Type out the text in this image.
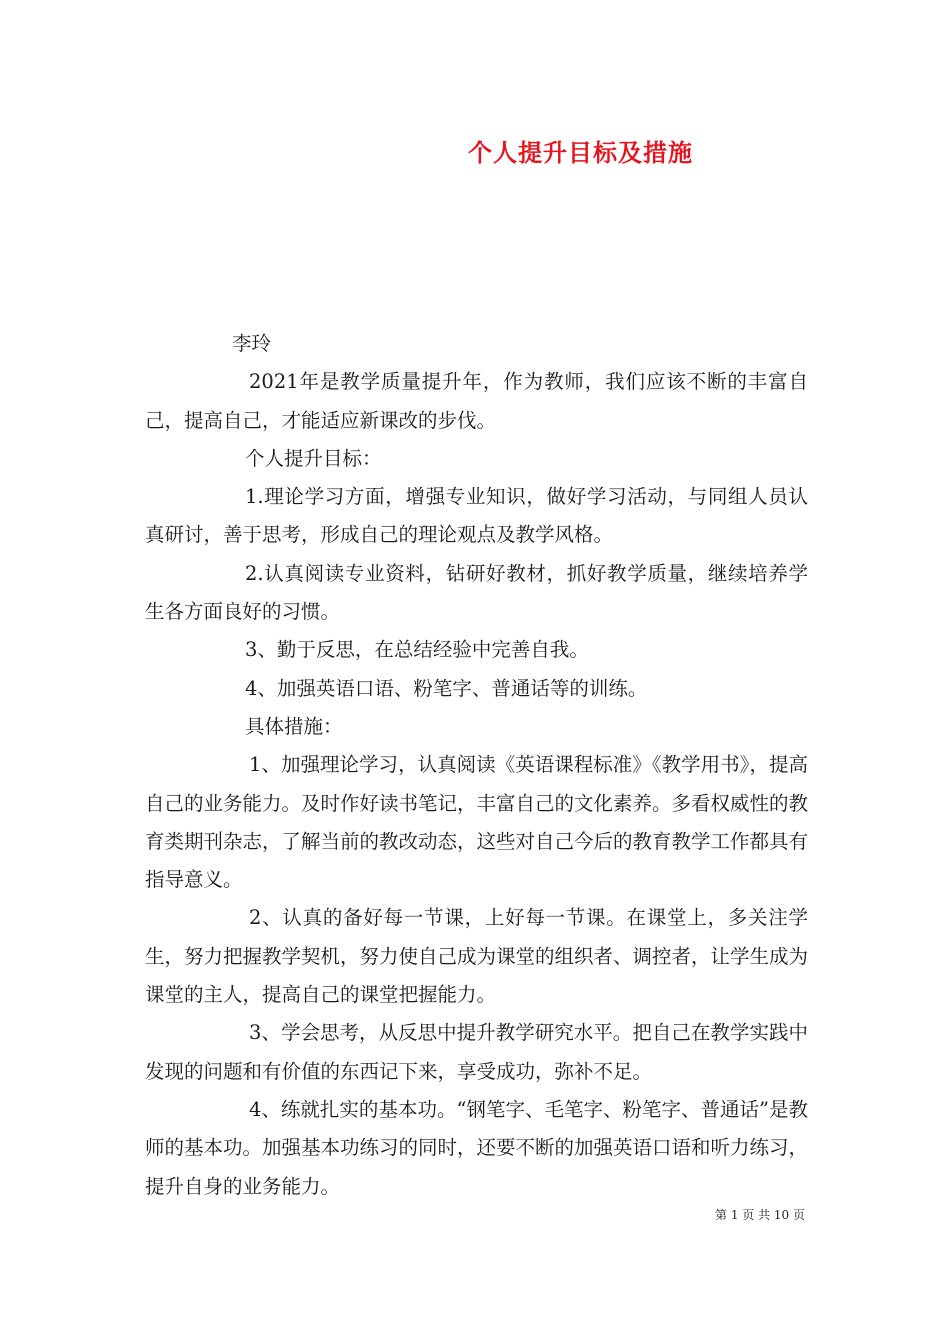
个人提升目标及措施

李玲

2021年是教学质量提升年，作为教师，我们应该不断的丰富自己，提高自己，才能适应新课改的步伐。

个人提升目标：

1.理论学习方面，增强专业知识，做好学习活动，与同组人员认真研讨，善于思考，形成自己的理论观点及教学风格。

2.认真阅读专业资料，钻研好教材，抓好教学质量，继续培养学生各方面良好的习惯。

3、勤于反思，在总结经验中完善自我。

4、加强英语口语、粉笔字、普通话等的训练。

具体措施：

1、加强理论学习，认真阅读《英语课程标准》《教学用书》，提高自己的业务能力。及时作好读书笔记，丰富自己的文化素养。多看权威性的教育类期刊杂志，了解当前的教改动态，这些对自己今后的教育教学工作都具有指导意义。

2、认真的备好每一节课，上好每一节课。在课堂上，多关注学生，努力把握教学契机，努力使自己成为课堂的组织者、调控者，让学生成为课堂的主人，提高自己的课堂把握能力。

3、学会思考，从反思中提升教学研究水平。把自己在教学实践中发现的问题和有价值的东西记下来，享受成功，弥补不足。

4、练就扎实的基本功。“钢笔字、毛笔字、粉笔字、普通话”是教师的基本功。加强基本功练习的同时，还要不断的加强英语口语和听力练习，提升自身的业务能力。

第 1 页 共 10 页
